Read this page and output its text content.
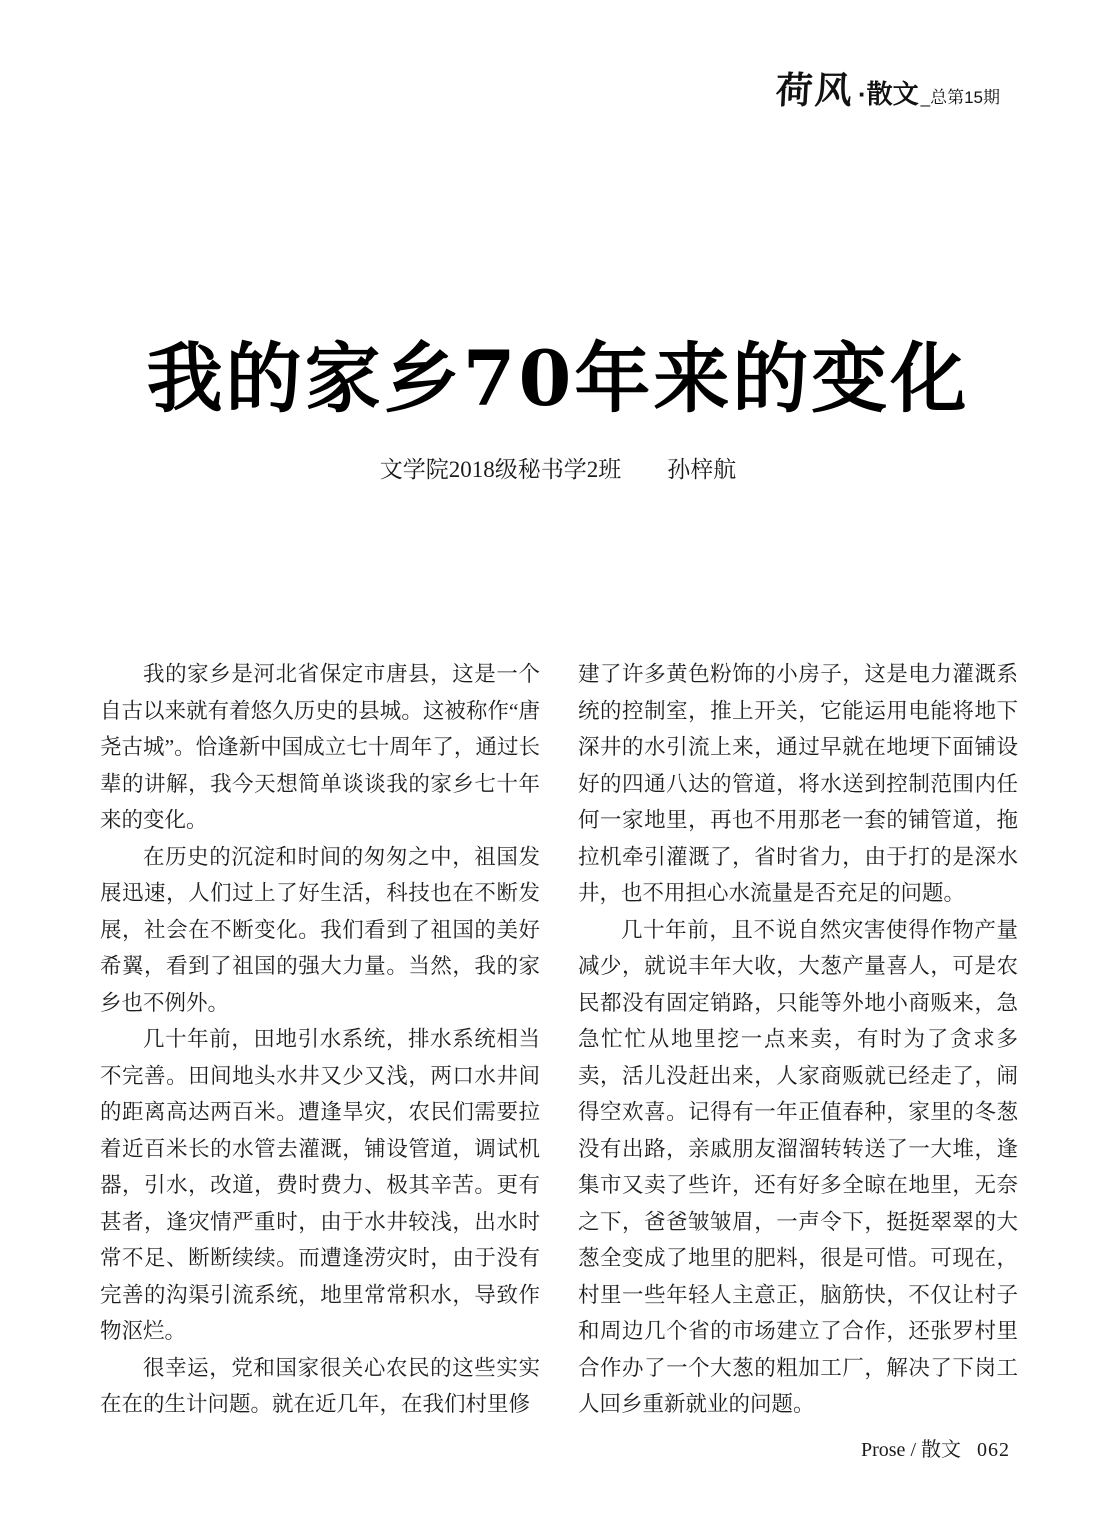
荷风 ·散文 _总第15期
我的家乡70年来的变化
文学院2018级秘书学2班　　孙梓航

我的家乡是河北省保定市唐县，这是一个自古以来就有着悠久历史的县城。这被称作“唐尧古城”。恰逢新中国成立七十周年了，通过长辈的讲解，我今天想简单谈谈我的家乡七十年来的变化。

在历史的沉淀和时间的匆匆之中，祖国发展迅速，人们过上了好生活，科技也在不断发展，社会在不断变化。我们看到了祖国的美好希翼，看到了祖国的强大力量。当然，我的家乡也不例外。

几十年前，田地引水系统，排水系统相当不完善。田间地头水井又少又浅，两口水井间的距离高达两百米。遭逢旱灾，农民们需要拉着近百米长的水管去灌溉，铺设管道，调试机器，引水，改道，费时费力、极其辛苦。更有甚者，逢灾情严重时，由于水井较浅，出水时常不足、断断续续。而遭逢涝灾时，由于没有完善的沟渠引流系统，地里常常积水，导致作物沤烂。

很幸运，党和国家很关心农民的这些实实在在的生计问题。就在近几年，在我们村里修

建了许多黄色粉饰的小房子，这是电力灌溉系统的控制室，推上开关，它能运用电能将地下深井的水引流上来，通过早就在地埂下面铺设好的四通八达的管道，将水送到控制范围内任何一家地里，再也不用那老一套的铺管道，拖拉机牵引灌溉了，省时省力，由于打的是深水井，也不用担心水流量是否充足的问题。

几十年前，且不说自然灾害使得作物产量减少，就说丰年大收，大葱产量喜人，可是农民都没有固定销路，只能等外地小商贩来，急急忙忙从地里挖一点来卖，有时为了贪求多卖，活儿没赶出来，人家商贩就已经走了，闹得空欢喜。记得有一年正值春种，家里的冬葱没有出路，亲戚朋友溜溜转转送了一大堆，逢集市又卖了些许，还有好多全晾在地里，无奈之下，爸爸皱皱眉，一声令下，挺挺翠翠的大葱全变成了地里的肥料，很是可惜。可现在，村里一些年轻人主意正，脑筋快，不仅让村子和周边几个省的市场建立了合作，还张罗村里合作办了一个大葱的粗加工厂，解决了下岗工人回乡重新就业的问题。

Prose / 散文 062
